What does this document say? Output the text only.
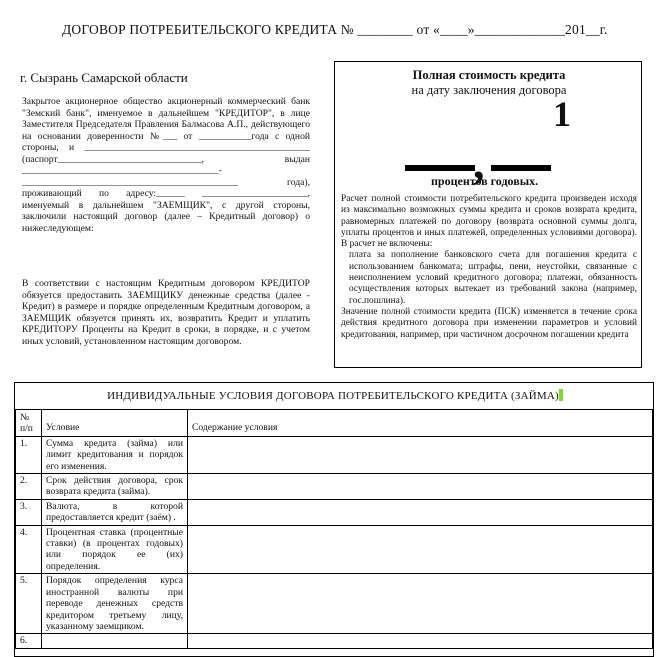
ДОГОВОР ПОТРЕБИТЕЛЬСКОГО КРЕДИТА № ________ от «____»_____________201__г.
г. Сызрань Самарской области
Закрытое акционерное общество акционерный коммерческий банк "Земский банк", именуемое в дальнейшем "КРЕДИТОР", в лице Заместителя Председателя Правления Балмасова А.П., действующего на основании доверенности №___ от ___________года с одной стороны, и _______________________________________________ (паспорт______________________________, выдан _________________________________________- _____________________________________________ года), проживающий по адресу:______ ______________________, именуемый в дальнейшем "ЗАЕМЩИК", с другой стороны, заключили настоящий договор (далее – Кредитный договор) о нижеследующем:
В соответствии с настоящим Кредитным договором КРЕДИТОР обязуется предоставить ЗАЕМЩИКУ денежные средства (далее - Кредит) в размере и порядке определенным Кредитным договором, а ЗАЕМЩИК обязуется принять их, возвратить Кредит и уплатить КРЕДИТОРУ Проценты на Кредит в сроки, в порядке, и с учетом иных условий, установленном настоящим договором.
Полная стоимость кредита
на дату заключения договора
1
,
процентов годовых.

Расчет полной стоимости потребительского кредита произведен исходя из максимально возможных суммы кредита и сроков возврата кредита, равномерных платежей по договору (возврата основной суммы долга, уплаты процентов и иных платежей, определенных условиями договора). В расчет не включены:

плата за пополнение банковского счета для погашения кредита с использованием банкомата; штрафы, пени, неустойки, связанные с неисполнением условий кредитного договора; платежи, обязанность осуществления которых вытекает из требований закона (например, гос.пошлина).

Значение полной стоимости кредита (ПСК) изменяется в течение срока действия кредитного договора при изменении параметров и условий кредитования, например, при частичном досрочном погашении кредита

ИНДИВИДУАЛЬНЫЕ УСЛОВИЯ ДОГОВОРА ПОТРЕБИТЕЛЬСКОГО КРЕДИТА (ЗАЙМА)
№ п/п	Условие	Содержание условия
1.	Сумма кредита (займа) или лимит кредитования и порядок его изменения.	
2.	Срок действия договора, срок возврата кредита (займа).	
3.	Валюта, в которой предоставляется кредит (заём) .	
4.	Процентная ставка (процентные ставки) (в процентах годовых) или порядок ее (их) определения.	
5.	Порядок определения курса иностранной валюты при переводе денежных средств кредитором третьему лицу, указанному заемщиком.	
6.		
